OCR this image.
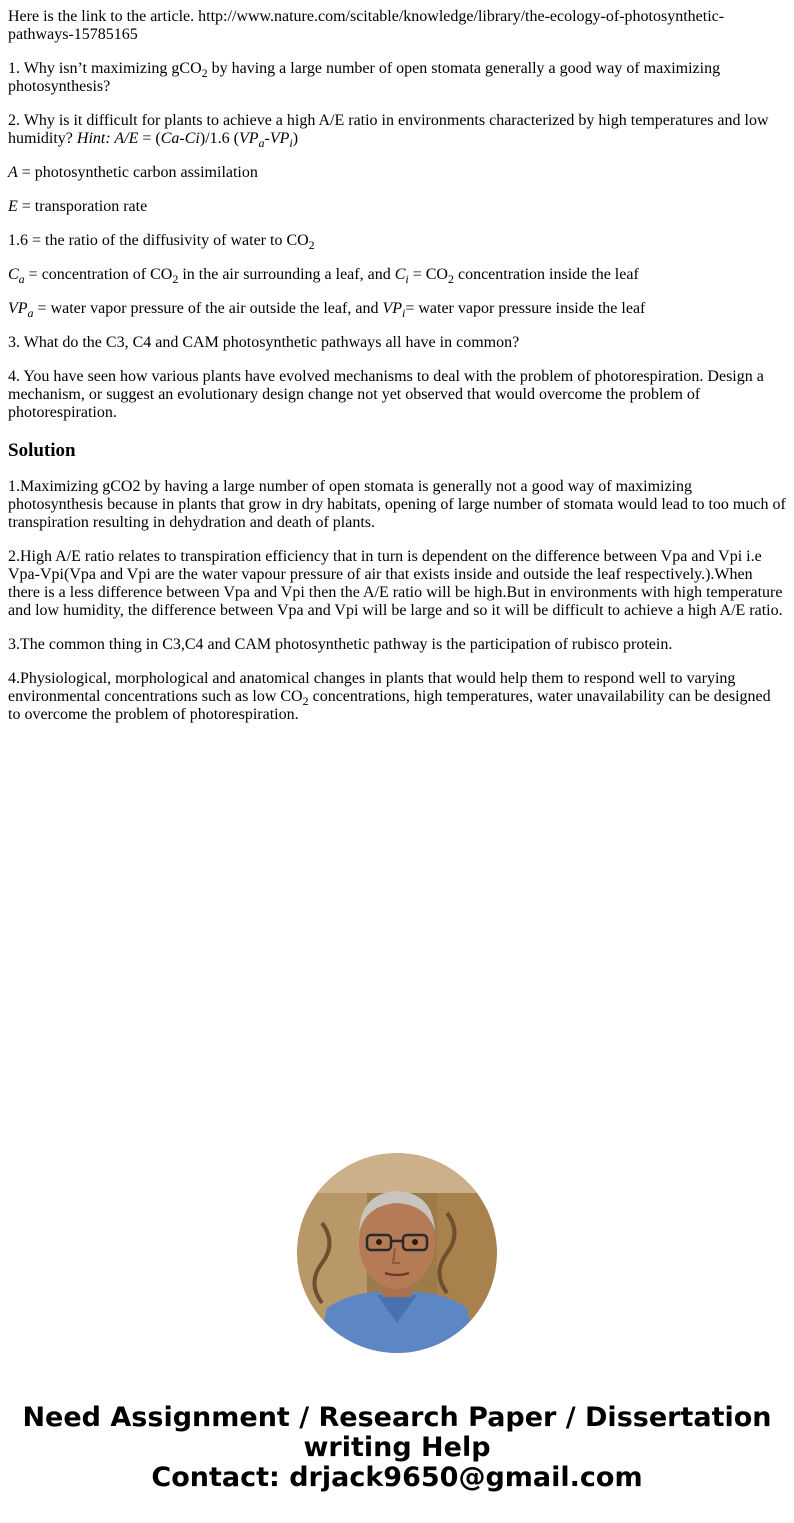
Here is the link to the article. http://www.nature.com/scitable/knowledge/library/the-ecology-of-photosynthetic-pathways-15785165

1. Why isn’t maximizing gCO$_2$ by having a large number of open stomata generally a good way of maximizing photosynthesis?

2. Why is it difficult for plants to achieve a high A/E ratio in environments characterized by high temperatures and low humidity? Hint: A/E = (Ca-Ci)/1.6 $(VP_a-VP_i)$

A = photosynthetic carbon assimilation

E = transporation rate

1.6 = the ratio of the diffusivity of water to $CO_2$

$C_a$ = concentration of $CO_2$ in the air surrounding a leaf, and $C_i = CO_2$ concentration inside the leaf

$VP_a$ = water vapor pressure of the air outside the leaf, and $VP_i=$ water vapor pressure inside the leaf

3. What do the C3, C4 and CAM photosynthetic pathways all have in common?

4. You have seen how various plants have evolved mechanisms to deal with the problem of photorespiration. Design a mechanism, or suggest an evolutionary design change not yet observed that would overcome the problem of photorespiration.

Solution

1.Maximizing gCO2 by having a large number of open stomata is generally not a good way of maximizing photosynthesis because in plants that grow in dry habitats, opening of large number of stomata would lead to too much of transpiration resulting in dehydration and death of plants.

2.High A/E ratio relates to transpiration efficiency that in turn is dependent on the difference between Vpa and Vpi i.e Vpa-Vpi(Vpa and Vpi are the water vapour pressure of air that exists inside and outside the leaf respectively.).When there is a less difference between Vpa and Vpi then the A/E ratio will be high.But in environments with high temperature and low humidity, the difference between Vpa and Vpi will be large and so it will be difficult to achieve a high A/E ratio.

3.The common thing in C3,C4 and CAM photosynthetic pathway is the participation of rubisco protein.

4.Physiological, morphological and anatomical changes in plants that would help them to respond well to varying environmental concentrations such as low $CO_2$ concentrations, high temperatures, water unavailability can be designed to overcome the problem of photorespiration.

Need Assignment / Research Paper / Dissertation
writing Help
Contact: drjack9650@gmail.com
